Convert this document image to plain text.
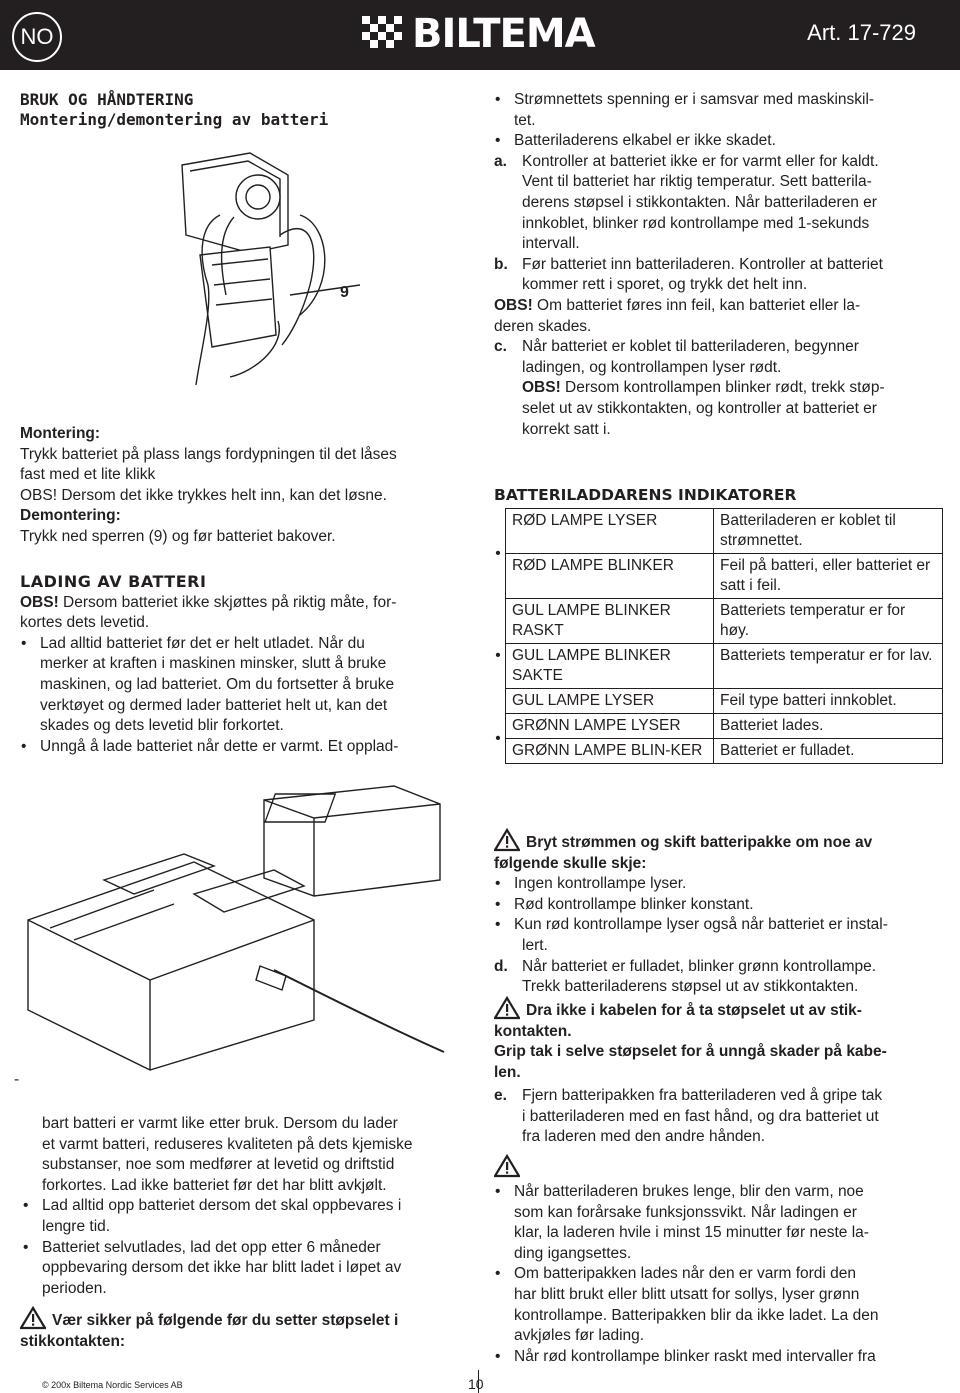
NO	BILTEMA	Art. 17-729
BRUK OG HÅNDTERING
Montering/demontering av batteri
9
Montering:
Trykk batteriet på plass langs fordypningen til det låses
fast med et lite klikk
OBS! Dersom det ikke trykkes helt inn, kan det løsne.
Demontering:
Trykk ned sperren (9) og før batteriet bakover.
LADING AV BATTERI
OBS! Dersom batteriet ikke skjøttes på riktig måte, for-
kortes dets levetid.
• Lad alltid batteriet før det er helt utladet. Når du
merker at kraften i maskinen minsker, slutt å bruke
maskinen, og lad batteriet. Om du fortsetter å bruke
verktøyet og dermed lader batteriet helt ut, kan det
skades og dets levetid blir forkortet.
• Unngå å lade batteriet når dette er varmt. Et opplad-
-
bart batteri er varmt like etter bruk. Dersom du lader
et varmt batteri, reduseres kvaliteten på dets kjemiske
substanser, noe som medfører at levetid og driftstid
forkortes. Lad ikke batteriet før det har blitt avkjølt.
• Lad alltid opp batteriet dersom det skal oppbevares i
lengre tid.
• Batteriet selvutlades, lad det opp etter 6 måneder
oppbevaring dersom det ikke har blitt ladet i løpet av
perioden.
Vær sikker på følgende før du setter støpselet i
stikkontakten:
• Strømnettets spenning er i samsvar med maskinskil-
tet.
• Batteriladerens elkabel er ikke skadet.
a. Kontroller at batteriet ikke er for varmt eller for kaldt.
Vent til batteriet har riktig temperatur. Sett batterila-
derens støpsel i stikkontakten. Når batteriladeren er
innkoblet, blinker rød kontrollampe med 1-sekunds
intervall.
b. Før batteriet inn batteriladeren. Kontroller at batteriet
kommer rett i sporet, og trykk det helt inn.
OBS! Om batteriet føres inn feil, kan batteriet eller la-
deren skades.
c. Når batteriet er koblet til batteriladeren, begynner
ladingen, og kontrollampen lyser rødt.
OBS! Dersom kontrollampen blinker rødt, trekk støp-
selet ut av stikkontakten, og kontroller at batteriet er
korrekt satt i.
BATTERILADDARENS INDIKATORER
•	RØD LAMPE LYSER	Batteriladeren er koblet til strømnettet.
	RØD LAMPE BLINKER	Feil på batteri, eller batteriet er satt i feil.
•	GUL LAMPE BLINKER RASKT	Batteriets temperatur er for høy.
	GUL LAMPE BLINKER SAKTE	Batteriets temperatur er for lav.
	GUL LAMPE LYSER	Feil type batteri innkoblet.
•	GRØNN LAMPE LYSER	Batteriet lades.
	GRØNN LAMPE BLIN-KER	Batteriet er fulladet.
Bryt strømmen og skift batteripakke om noe av
følgende skulle skje:
• Ingen kontrollampe lyser.
• Rød kontrollampe blinker konstant.
• Kun rød kontrollampe lyser også når batteriet er instal-
lert.
d. Når batteriet er fulladet, blinker grønn kontrollampe.
Trekk batteriladerens støpsel ut av stikkontakten.
Dra ikke i kabelen for å ta støpselet ut av stik-
kontakten.
Grip tak i selve støpselet for å unngå skader på kabe-
len.
e. Fjern batteripakken fra batteriladeren ved å gripe tak
i batteriladeren med en fast hånd, og dra batteriet ut
fra laderen med den andre hånden.
• Når batteriladeren brukes lenge, blir den varm, noe
som kan forårsake funksjonssvikt. Når ladingen er
klar, la laderen hvile i minst 15 minutter før neste la-
ding igangsettes.
• Om batteripakken lades når den er varm fordi den
har blitt brukt eller blitt utsatt for sollys, lyser grønn
kontrollampe. Batteripakken blir da ikke ladet. La den
avkjøles før lading.
• Når rød kontrollampe blinker raskt med intervaller fra
© 200x Biltema Nordic Services AB	10
